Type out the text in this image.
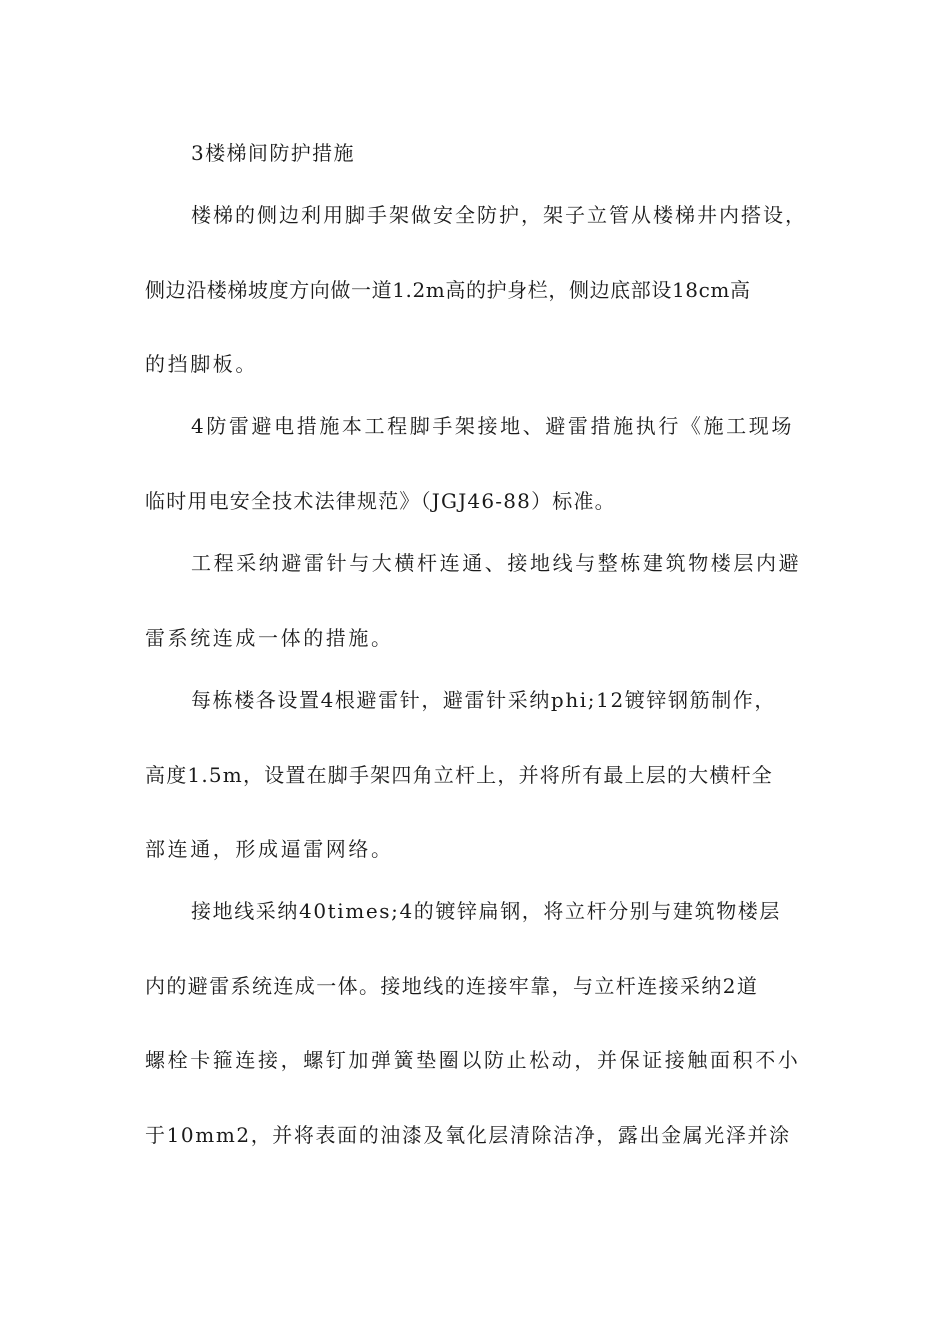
3楼梯间防护措施

楼梯的侧边利用脚手架做安全防护，架子立管从楼梯井内搭设，

侧边沿楼梯坡度方向做一道1.2m高的护身栏，侧边底部设18cm高

的挡脚板。

4防雷避电措施本工程脚手架接地、避雷措施执行《施工现场

临时用电安全技术法律规范》（JGJ46-88）标准。

工程采纳避雷针与大横杆连通、接地线与整栋建筑物楼层内避

雷系统连成一体的措施。

每栋楼各设置4根避雷针，避雷针采纳phi;12镀锌钢筋制作，

高度1.5m，设置在脚手架四角立杆上，并将所有最上层的大横杆全

部连通，形成逼雷网络。

接地线采纳40times;4的镀锌扁钢，将立杆分别与建筑物楼层

内的避雷系统连成一体。接地线的连接牢靠，与立杆连接采纳2道

螺栓卡箍连接，螺钉加弹簧垫圈以防止松动，并保证接触面积不小

于10mm2，并将表面的油漆及氧化层清除洁净，露出金属光泽并涂
